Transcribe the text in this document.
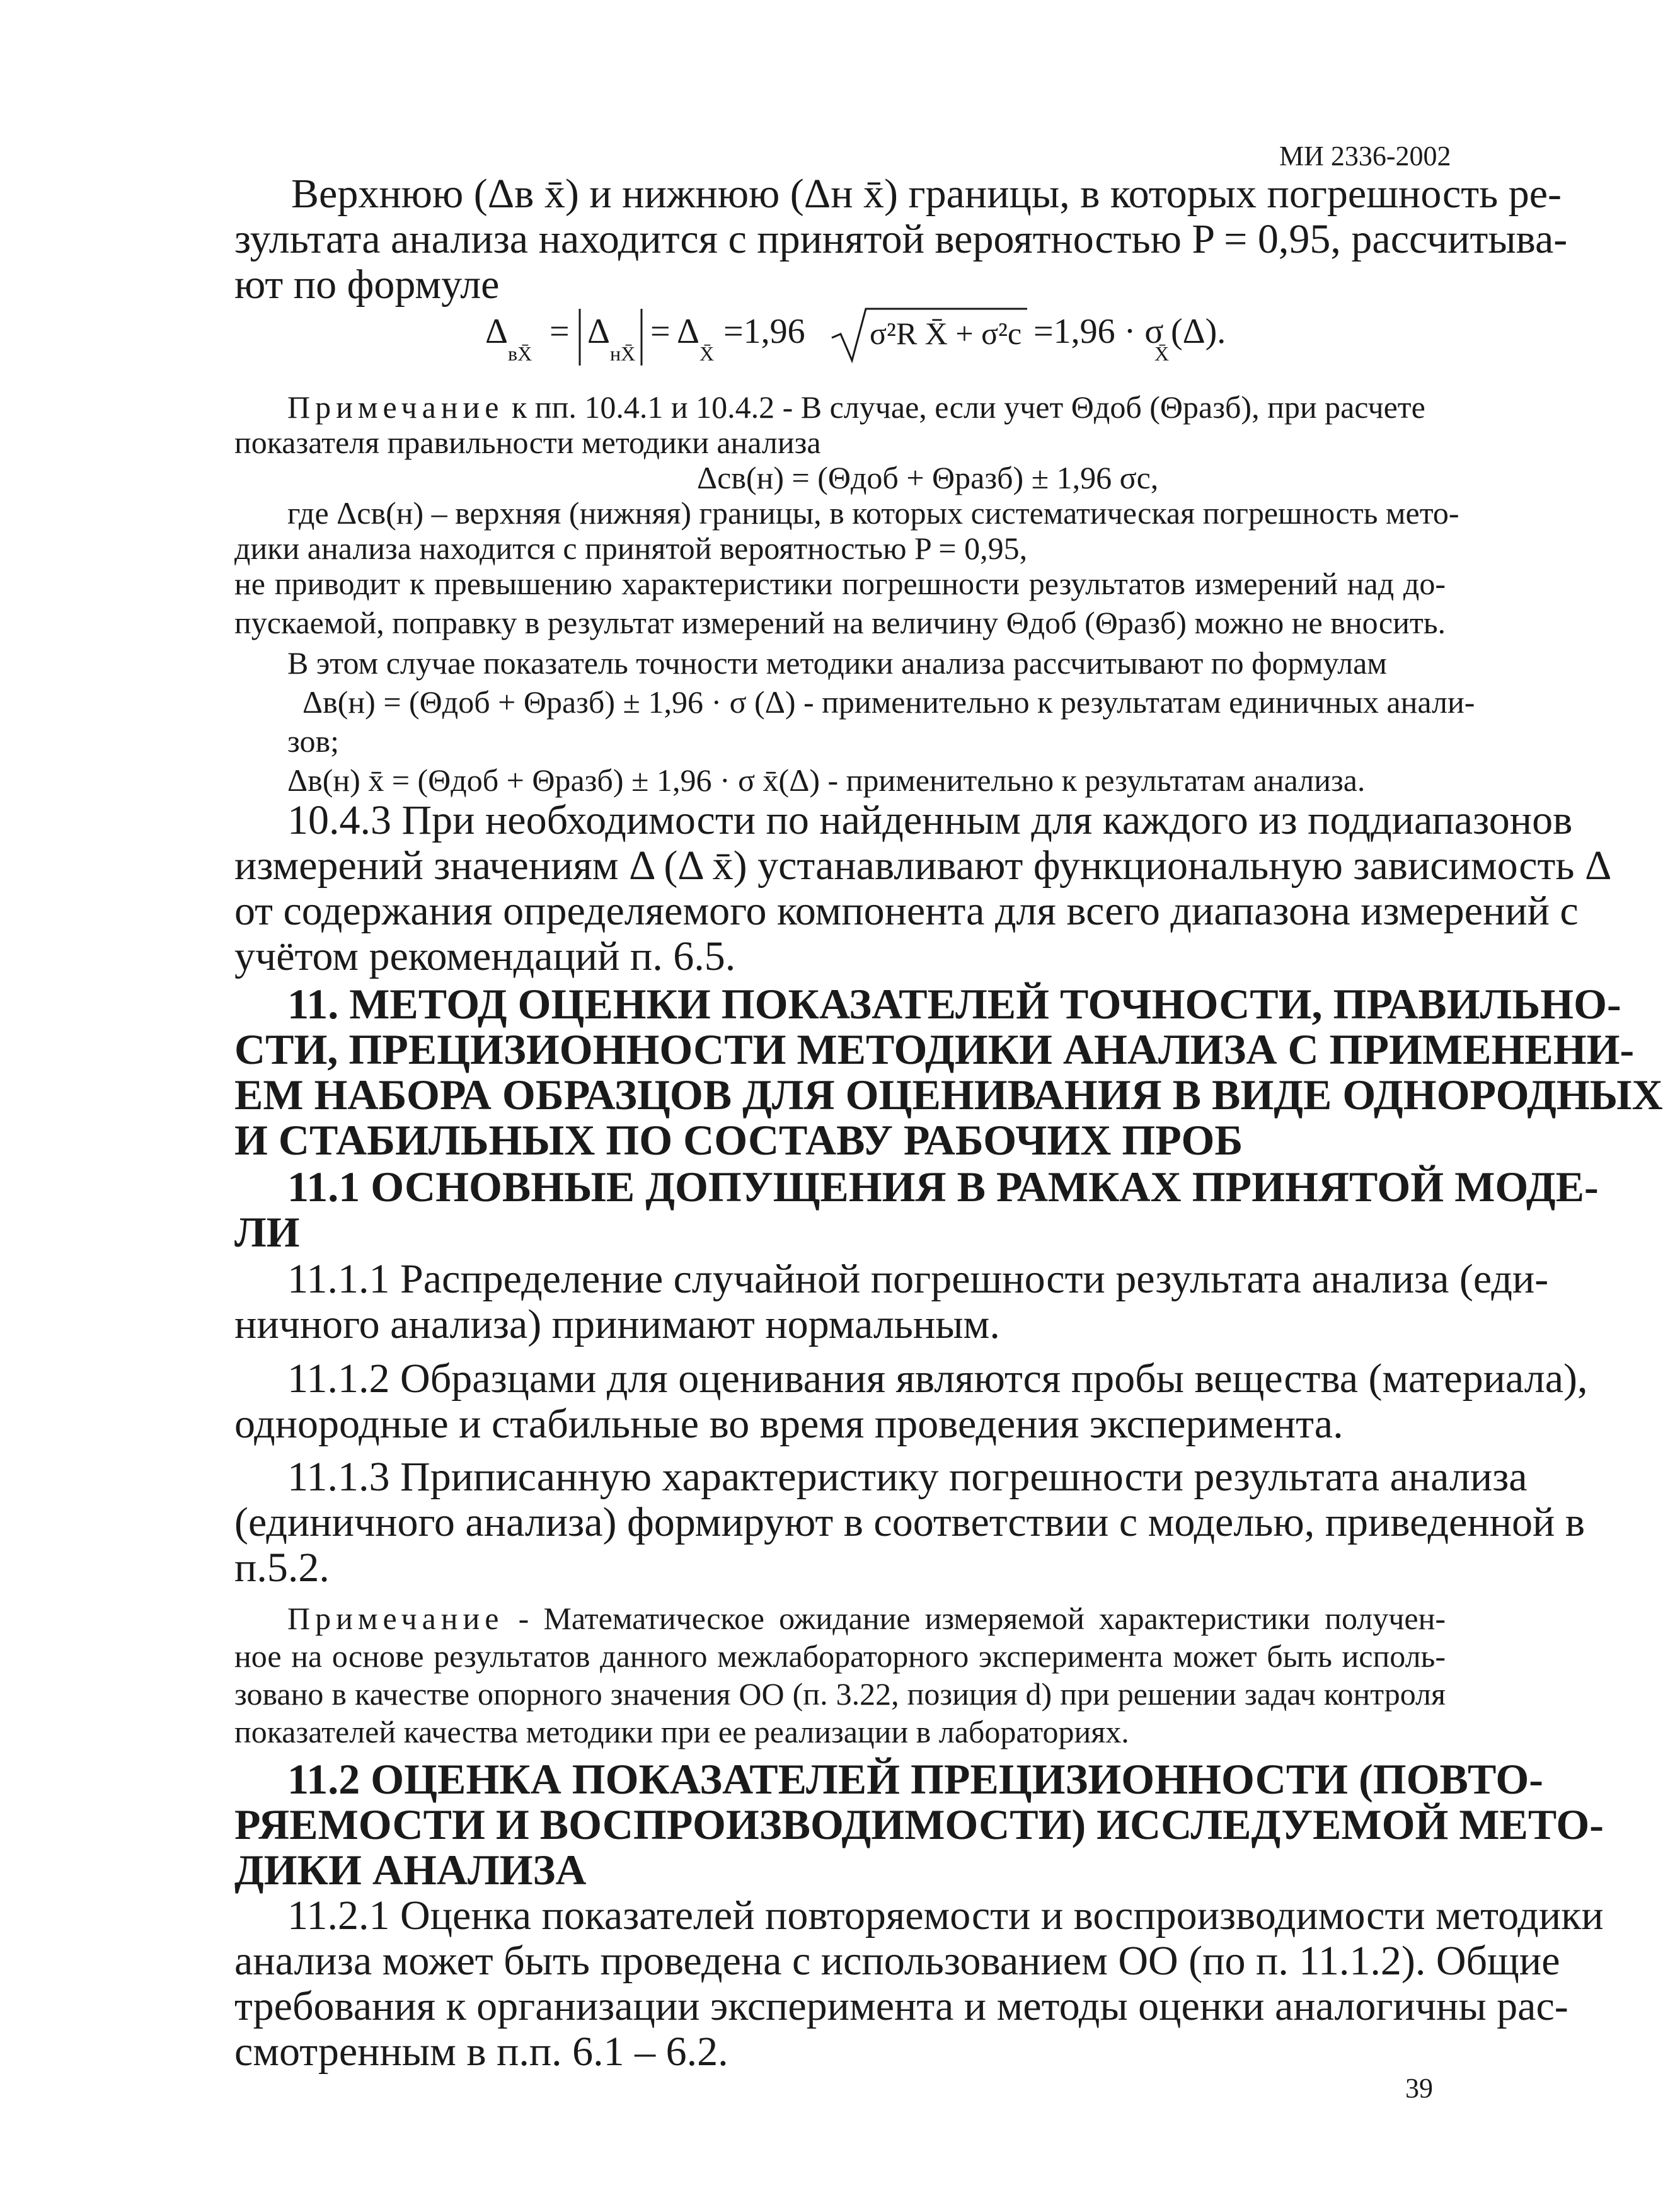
МИ 2336-2002
Верхнюю (Δв x̄) и нижнюю (Δн x̄) границы, в которых погрешность ре-
зультата анализа находится с принятой вероятностью P = 0,95, рассчитыва-
ют по формуле
Δ
вX̄
= Δ
нX̄
= Δ
X̄
=1,96 σ²R X̄ + σ²c =1,96 · σ
X̄
(Δ).
Примечание к пп. 10.4.1 и 10.4.2 - В случае, если учет Θдоб (Θразб), при расчете
показателя правильности методики анализа
Δсв(н) = (Θдоб + Θразб) ± 1,96 σс,
где Δсв(н) – верхняя (нижняя) границы, в которых систематическая погрешность мето-
дики анализа находится с принятой вероятностью P = 0,95,
не приводит к превышению характеристики погрешности результатов измерений над до-
пускаемой, поправку в результат измерений на величину Θдоб (Θразб) можно не вносить.
В этом случае показатель точности методики анализа рассчитывают по формулам
Δв(н) = (Θдоб + Θразб) ± 1,96 · σ (Δ) - применительно к результатам единичных анали-
зов;
Δв(н) x̄ = (Θдоб + Θразб) ± 1,96 · σ x̄(Δ) - применительно к результатам анализа.
10.4.3 При необходимости по найденным для каждого из поддиапазонов
измерений значениям Δ (Δ x̄) устанавливают функциональную зависимость Δ
от содержания определяемого компонента для всего диапазона измерений с
учётом рекомендаций п. 6.5.
11. МЕТОД ОЦЕНКИ ПОКАЗАТЕЛЕЙ ТОЧНОСТИ, ПРАВИЛЬНО-
СТИ, ПРЕЦИЗИОННОСТИ МЕТОДИКИ АНАЛИЗА С ПРИМЕНЕНИ-
ЕМ НАБОРА ОБРАЗЦОВ ДЛЯ ОЦЕНИВАНИЯ В ВИДЕ ОДНОРОДНЫХ
И СТАБИЛЬНЫХ ПО СОСТАВУ РАБОЧИХ ПРОБ
11.1 ОСНОВНЫЕ ДОПУЩЕНИЯ В РАМКАХ ПРИНЯТОЙ МОДЕ-
ЛИ
11.1.1 Распределение случайной погрешности результата анализа (еди-
ничного анализа) принимают нормальным.
11.1.2 Образцами для оценивания являются пробы вещества (материала),
однородные и стабильные во время проведения эксперимента.
11.1.3 Приписанную характеристику погрешности результата анализа
(единичного анализа) формируют в соответствии с моделью, приведенной в
п.5.2.
Примечание - Математическое ожидание измеряемой характеристики получен-
ное на основе результатов данного межлабораторного эксперимента может быть исполь-
зовано в качестве опорного значения ОО (п. 3.22, позиция d) при решении задач контроля
показателей качества методики при ее реализации в лабораториях.
11.2 ОЦЕНКА ПОКАЗАТЕЛЕЙ ПРЕЦИЗИОННОСТИ (ПОВТО-
РЯЕМОСТИ И ВОСПРОИЗВОДИМОСТИ) ИССЛЕДУЕМОЙ МЕТО-
ДИКИ АНАЛИЗА
11.2.1 Оценка показателей повторяемости и воспроизводимости методики
анализа может быть проведена с использованием ОО (по п. 11.1.2). Общие
требования к организации эксперимента и методы оценки аналогичны рас-
смотренным в п.п. 6.1 – 6.2.
39
